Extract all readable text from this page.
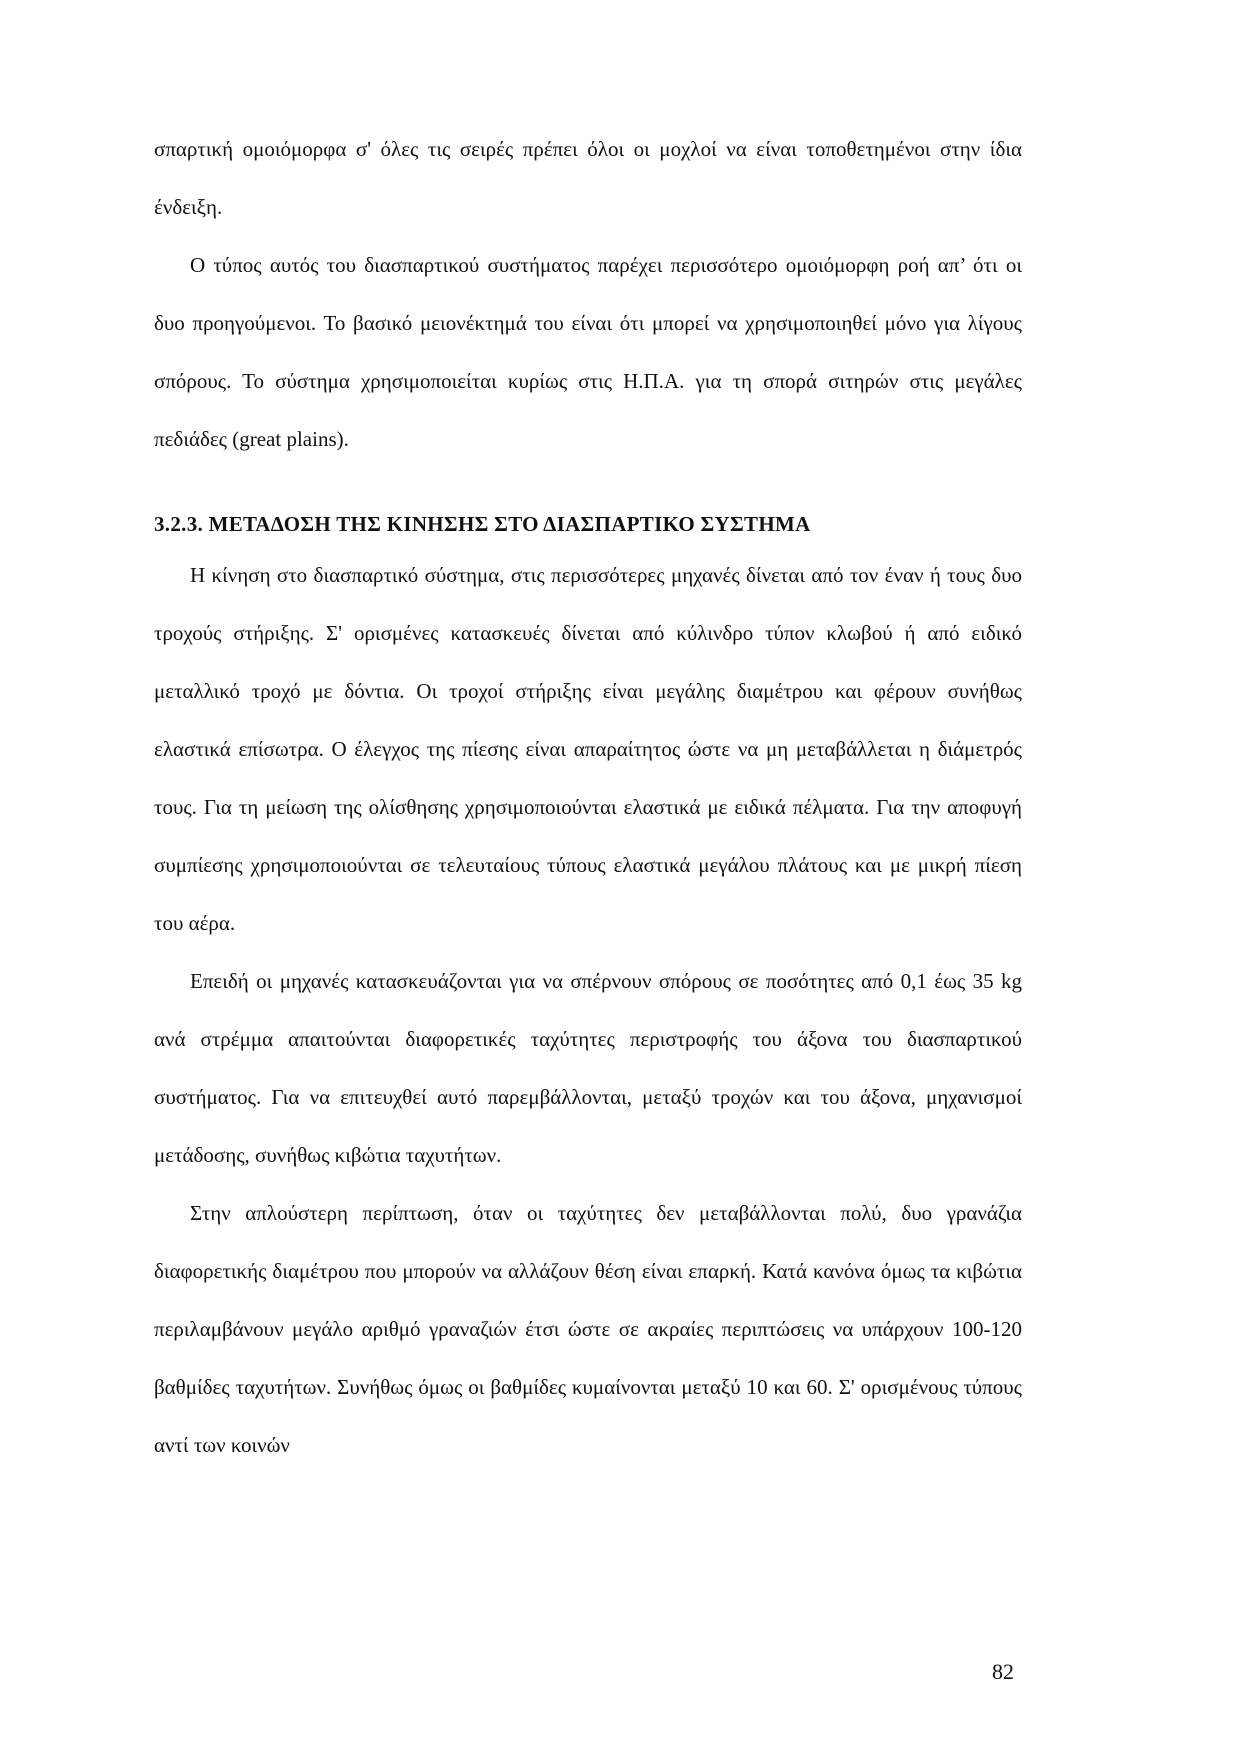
σπαρτική ομοιόμορφα σ' όλες τις σειρές πρέπει όλοι οι μοχλοί να είναι τοποθετημένοι στην ίδια ένδειξη.

Ο τύπος αυτός του διασπαρτικού συστήματος παρέχει περισσότερο ομοιόμορφη ροή απ’ ότι οι δυο προηγούμενοι. Το βασικό μειονέκτημά του είναι ότι μπορεί να χρησιμοποιηθεί μόνο για λίγους σπόρους. Το σύστημα χρησιμοποιείται κυρίως στις Η.Π.Α. για τη σπορά σιτηρών στις μεγάλες πεδιάδες (great plains).

3.2.3. ΜΕΤΑΔΟΣΗ ΤΗΣ ΚΙΝΗΣΗΣ ΣΤΟ ΔΙΑΣΠΑΡΤΙΚΟ ΣΥΣΤΗΜΑ

Η κίνηση στο διασπαρτικό σύστημα, στις περισσότερες μηχανές δίνεται από τον έναν ή τους δυο τροχούς στήριξης. Σ' ορισμένες κατασκευές δίνεται από κύλινδρο τύπον κλωβού ή από ειδικό μεταλλικό τροχό με δόντια. Οι τροχοί στήριξης είναι μεγάλης διαμέτρου και φέρουν συνήθως ελαστικά επίσωτρα. Ο έλεγχος της πίεσης είναι απαραίτητος ώστε να μη μεταβάλλεται η διάμετρός τους. Για τη μείωση της ολίσθησης χρησιμοποιούνται ελαστικά με ειδικά πέλματα. Για την αποφυγή συμπίεσης χρησιμοποιούνται σε τελευταίους τύπους ελαστικά μεγάλου πλάτους και με μικρή πίεση του αέρα.

Επειδή οι μηχανές κατασκευάζονται για να σπέρνουν σπόρους σε ποσότητες από 0,1 έως 35 kg ανά στρέμμα απαιτούνται διαφορετικές ταχύτητες περιστροφής του άξονα του διασπαρτικού συστήματος. Για να επιτευχθεί αυτό παρεμβάλλονται, μεταξύ τροχών και του άξονα, μηχανισμοί μετάδοσης, συνήθως κιβώτια ταχυτήτων.

Στην απλούστερη περίπτωση, όταν οι ταχύτητες δεν μεταβάλλονται πολύ, δυο γρανάζια διαφορετικής διαμέτρου που μπορούν να αλλάζουν θέση είναι επαρκή. Κατά κανόνα όμως τα κιβώτια περιλαμβάνουν μεγάλο αριθμό γραναζιών έτσι ώστε σε ακραίες περιπτώσεις να υπάρχουν 100-120 βαθμίδες ταχυτήτων. Συνήθως όμως οι βαθμίδες κυμαίνονται μεταξύ 10 και 60. Σ' ορισμένους τύπους αντί των κοινών

82
